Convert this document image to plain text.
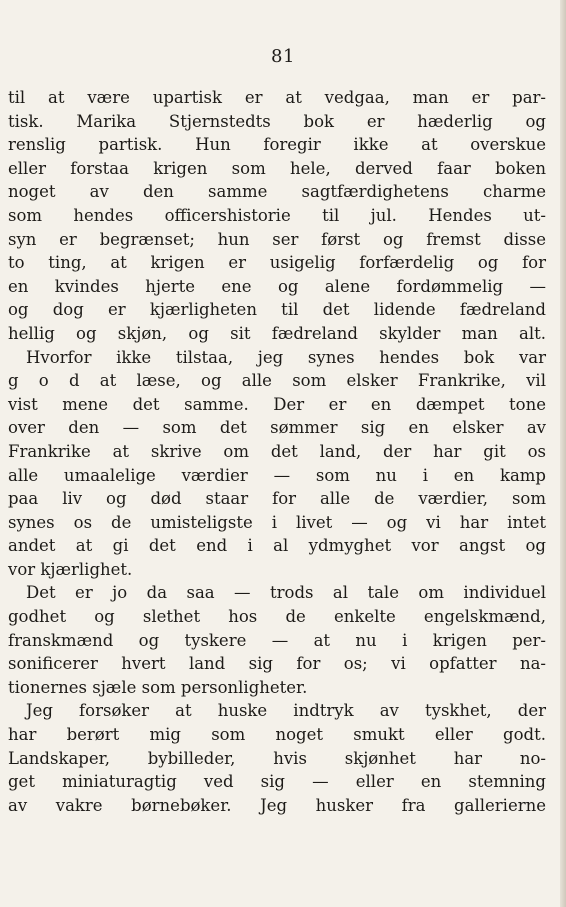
81
til at være upartisk er at vedgaa, man er par-
tisk. Marika Stjernstedts bok er hæderlig og
renslig partisk. Hun foregir ikke at overskue
eller forstaa krigen som hele, derved faar boken
noget av den samme sagtfærdighetens charme
som hendes officershistorie til jul. Hendes ut-
syn er begrænset; hun ser først og fremst disse
to ting, at krigen er usigelig forfærdelig og for
en kvindes hjerte ene og alene fordømmelig —
og dog er kjærligheten til det lidende fædreland
hellig og skjøn, og sit fædreland skylder man alt.
Hvorfor ikke tilstaa, jeg synes hendes bok var
g o d at læse, og alle som elsker Frankrike, vil
vist mene det samme. Der er en dæmpet tone
over den — som det sømmer sig en elsker av
Frankrike at skrive om det land, der har git os
alle umaalelige værdier — som nu i en kamp
paa liv og død staar for alle de værdier, som
synes os de umisteligste i livet — og vi har intet
andet at gi det end i al ydmyghet vor angst og
vor kjærlighet.
Det er jo da saa — trods al tale om individuel
godhet og slethet hos de enkelte engelskmænd,
franskmænd og tyskere — at nu i krigen per-
sonificerer hvert land sig for os; vi opfatter na-
tionernes sjæle som personligheter.
Jeg forsøker at huske indtryk av tyskhet, der
har berørt mig som noget smukt eller godt.
Landskaper, bybilleder, hvis skjønhet har no-
get miniaturagtig ved sig — eller en stemning
av vakre børnebøker. Jeg husker fra gallerierne
